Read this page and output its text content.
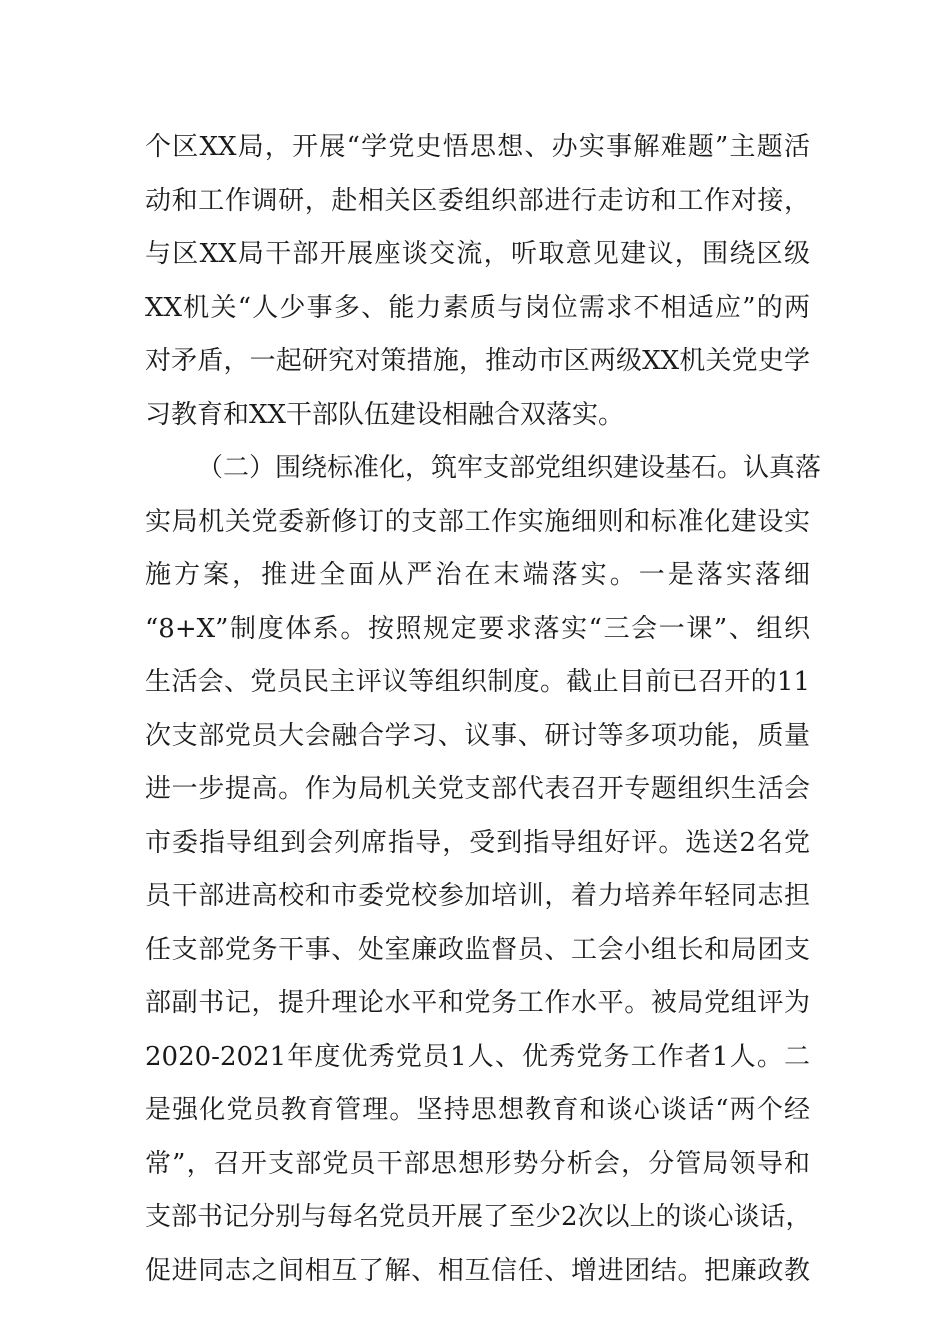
个区XX局，开展“学党史悟思想、办实事解难题”主题活
动和工作调研，赴相关区委组织部进行走访和工作对接，
与区XX局干部开展座谈交流，听取意见建议，围绕区级
XX机关“人少事多、能力素质与岗位需求不相适应”的两
对矛盾，一起研究对策措施，推动市区两级XX机关党史学
习教育和XX干部队伍建设相融合双落实。
（二）围绕标准化，筑牢支部党组织建设基石。认真落
实局机关党委新修订的支部工作实施细则和标准化建设实
施方案，推进全面从严治在末端落实。一是落实落细
“8+X”制度体系。按照规定要求落实“三会一课”、组织
生活会、党员民主评议等组织制度。截止目前已召开的11
次支部党员大会融合学习、议事、研讨等多项功能，质量
进一步提高。作为局机关党支部代表召开专题组织生活会
市委指导组到会列席指导，受到指导组好评。选送2名党
员干部进高校和市委党校参加培训，着力培养年轻同志担
任支部党务干事、处室廉政监督员、工会小组长和局团支
部副书记，提升理论水平和党务工作水平。被局党组评为
2020-2021年度优秀党员1人、优秀党务工作者1人。二
是强化党员教育管理。坚持思想教育和谈心谈话“两个经
常”，召开支部党员干部思想形势分析会，分管局领导和
支部书记分别与每名党员开展了至少2次以上的谈心谈话，
促进同志之间相互了解、相互信任、增进团结。把廉政教
